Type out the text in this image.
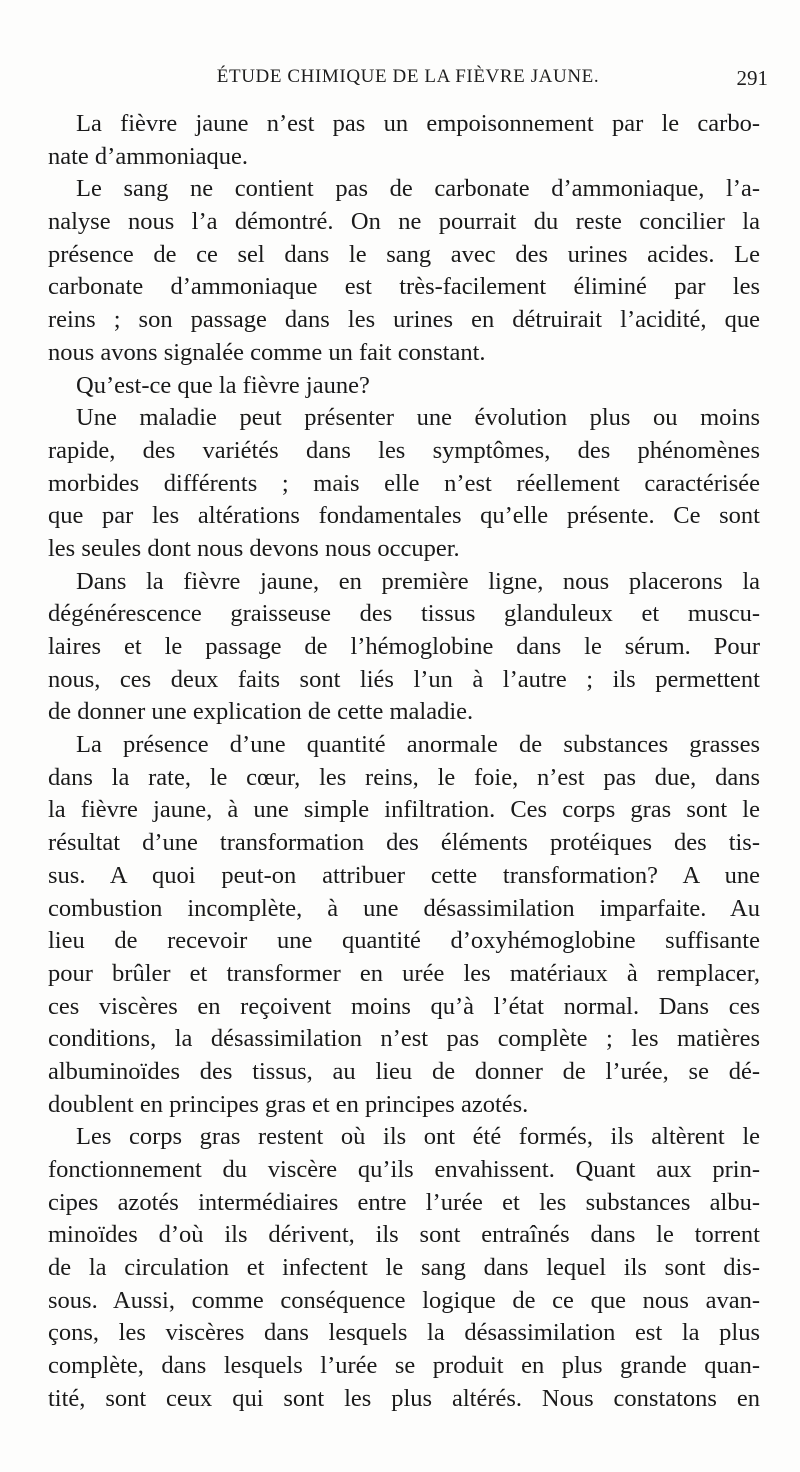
ÉTUDE CHIMIQUE DE LA FIÈVRE JAUNE.	291
La fièvre jaune n’est pas un empoisonnement par le carbo-
nate d’ammoniaque.
Le sang ne contient pas de carbonate d’ammoniaque, l’a-
nalyse nous l’a démontré. On ne pourrait du reste concilier la
présence de ce sel dans le sang avec des urines acides. Le
carbonate d’ammoniaque est très-facilement éliminé par les
reins ; son passage dans les urines en détruirait l’acidité, que
nous avons signalée comme un fait constant.
Qu’est-ce que la fièvre jaune?
Une maladie peut présenter une évolution plus ou moins
rapide, des variétés dans les symptômes, des phénomènes
morbides différents ; mais elle n’est réellement caractérisée
que par les altérations fondamentales qu’elle présente. Ce sont
les seules dont nous devons nous occuper.
Dans la fièvre jaune, en première ligne, nous placerons la
dégénérescence graisseuse des tissus glanduleux et muscu-
laires et le passage de l’hémoglobine dans le sérum. Pour
nous, ces deux faits sont liés l’un à l’autre ; ils permettent
de donner une explication de cette maladie.
La présence d’une quantité anormale de substances grasses
dans la rate, le cœur, les reins, le foie, n’est pas due, dans
la fièvre jaune, à une simple infiltration. Ces corps gras sont le
résultat d’une transformation des éléments protéiques des tis-
sus. A quoi peut-on attribuer cette transformation? A une
combustion incomplète, à une désassimilation imparfaite. Au
lieu de recevoir une quantité d’oxyhémoglobine suffisante
pour brûler et transformer en urée les matériaux à remplacer,
ces viscères en reçoivent moins qu’à l’état normal. Dans ces
conditions, la désassimilation n’est pas complète ; les matières
albuminoïdes des tissus, au lieu de donner de l’urée, se dé-
doublent en principes gras et en principes azotés.
Les corps gras restent où ils ont été formés, ils altèrent le
fonctionnement du viscère qu’ils envahissent. Quant aux prin-
cipes azotés intermédiaires entre l’urée et les substances albu-
minoïdes d’où ils dérivent, ils sont entraînés dans le torrent
de la circulation et infectent le sang dans lequel ils sont dis-
sous. Aussi, comme conséquence logique de ce que nous avan-
çons, les viscères dans lesquels la désassimilation est la plus
complète, dans lesquels l’urée se produit en plus grande quan-
tité, sont ceux qui sont les plus altérés. Nous constatons en
